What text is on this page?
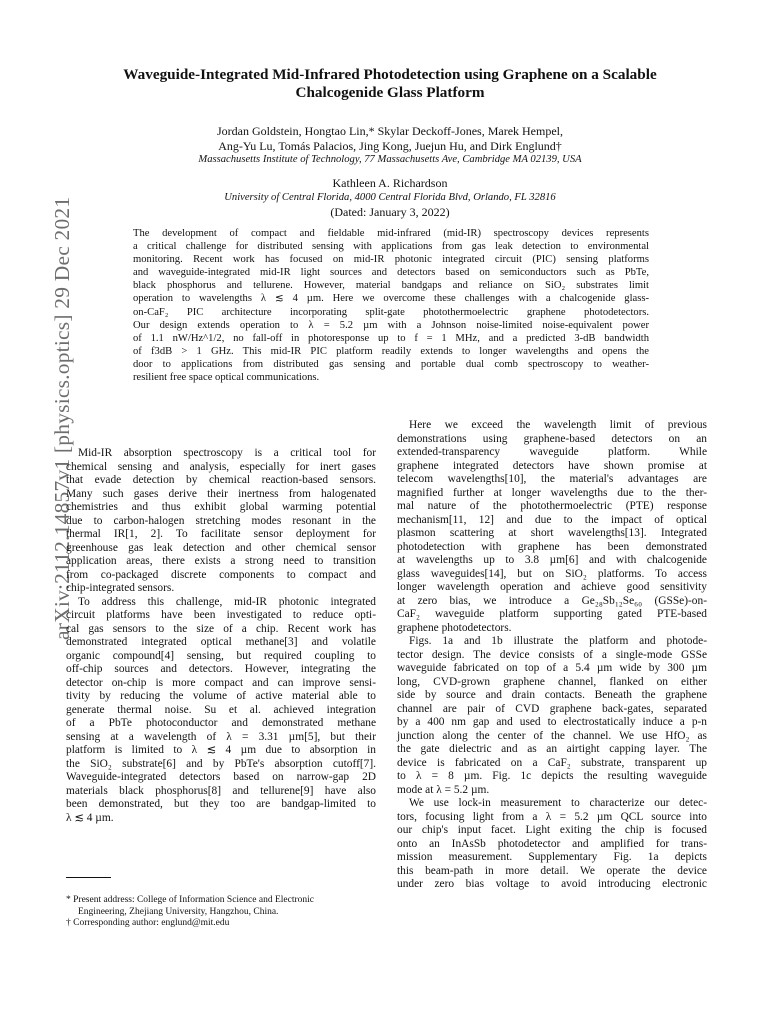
arXiv:2112.14857v1 [physics.optics] 29 Dec 2021
Waveguide-Integrated Mid-Infrared Photodetection using Graphene on a Scalable
Chalcogenide Glass Platform
Jordan Goldstein, Hongtao Lin,* Skylar Deckoff-Jones, Marek Hempel,
Ang-Yu Lu, Tomás Palacios, Jing Kong, Juejun Hu, and Dirk Englund†
Massachusetts Institute of Technology, 77 Massachusetts Ave, Cambridge MA 02139, USA
Kathleen A. Richardson
University of Central Florida, 4000 Central Florida Blvd, Orlando, FL 32816
(Dated: January 3, 2022)
The development of compact and fieldable mid-infrared (mid-IR) spectroscopy devices represents
a critical challenge for distributed sensing with applications from gas leak detection to environmental
monitoring. Recent work has focused on mid-IR photonic integrated circuit (PIC) sensing platforms
and waveguide-integrated mid-IR light sources and detectors based on semiconductors such as PbTe,
black phosphorus and tellurene. However, material bandgaps and reliance on SiO₂ substrates limit
operation to wavelengths λ ≲ 4 µm. Here we overcome these challenges with a chalcogenide glass-
on-CaF₂ PIC architecture incorporating split-gate photothermoelectric graphene photodetectors.
Our design extends operation to λ = 5.2 µm with a Johnson noise-limited noise-equivalent power
of 1.1 nW/Hz^1/2, no fall-off in photoresponse up to f = 1 MHz, and a predicted 3-dB bandwidth
of f3dB > 1 GHz. This mid-IR PIC platform readily extends to longer wavelengths and opens the
door to applications from distributed gas sensing and portable dual comb spectroscopy to weather-
resilient free space optical communications.
Mid-IR absorption spectroscopy is a critical tool for
chemical sensing and analysis, especially for inert gases
that evade detection by chemical reaction-based sensors.
Many such gases derive their inertness from halogenated
chemistries and thus exhibit global warming potential
due to carbon-halogen stretching modes resonant in the
thermal IR[1, 2]. To facilitate sensor deployment for
greenhouse gas leak detection and other chemical sensor
application areas, there exists a strong need to transition
from co-packaged discrete components to compact and
chip-integrated sensors.
To address this challenge, mid-IR photonic integrated
circuit platforms have been investigated to reduce opti-
cal gas sensors to the size of a chip. Recent work has
demonstrated integrated optical methane[3] and volatile
organic compound[4] sensing, but required coupling to
off-chip sources and detectors. However, integrating the
detector on-chip is more compact and can improve sensi-
tivity by reducing the volume of active material able to
generate thermal noise. Su et al. achieved integration
of a PbTe photoconductor and demonstrated methane
sensing at a wavelength of λ = 3.31 µm[5], but their
platform is limited to λ ≲ 4 µm due to absorption in
the SiO₂ substrate[6] and by PbTe's absorption cutoff[7].
Waveguide-integrated detectors based on narrow-gap 2D
materials black phosphorus[8] and tellurene[9] have also
been demonstrated, but they too are bandgap-limited to
λ ≲ 4 µm.
Here we exceed the wavelength limit of previous
demonstrations using graphene-based detectors on an
extended-transparency waveguide platform. While
graphene integrated detectors have shown promise at
telecom wavelengths[10], the material's advantages are
magnified further at longer wavelengths due to the ther-
mal nature of the photothermoelectric (PTE) response
mechanism[11, 12] and due to the impact of optical
plasmon scattering at short wavelengths[13]. Integrated
photodetection with graphene has been demonstrated
at wavelengths up to 3.8 µm[6] and with chalcogenide
glass waveguides[14], but on SiO₂ platforms. To access
longer wavelength operation and achieve good sensitivity
at zero bias, we introduce a Ge₂₈Sb₁₂Se₆₀ (GSSe)-on-
CaF₂ waveguide platform supporting gated PTE-based
graphene photodetectors.
Figs. 1a and 1b illustrate the platform and photode-
tector design. The device consists of a single-mode GSSe
waveguide fabricated on top of a 5.4 µm wide by 300 µm
long, CVD-grown graphene channel, flanked on either
side by source and drain contacts. Beneath the graphene
channel are pair of CVD graphene back-gates, separated
by a 400 nm gap and used to electrostatically induce a p-n
junction along the center of the channel. We use HfO₂ as
the gate dielectric and as an airtight capping layer. The
device is fabricated on a CaF₂ substrate, transparent up
to λ = 8 µm. Fig. 1c depicts the resulting waveguide
mode at λ = 5.2 µm.
We use lock-in measurement to characterize our detec-
tors, focusing light from a λ = 5.2 µm QCL source into
our chip's input facet. Light exiting the chip is focused
onto an InAsSb photodetector and amplified for trans-
mission measurement. Supplementary Fig. 1a depicts
this beam-path in more detail. We operate the device
under zero bias voltage to avoid introducing electronic
* Present address: College of Information Science and Electronic
Engineering, Zhejiang University, Hangzhou, China.
† Corresponding author: englund@mit.edu
